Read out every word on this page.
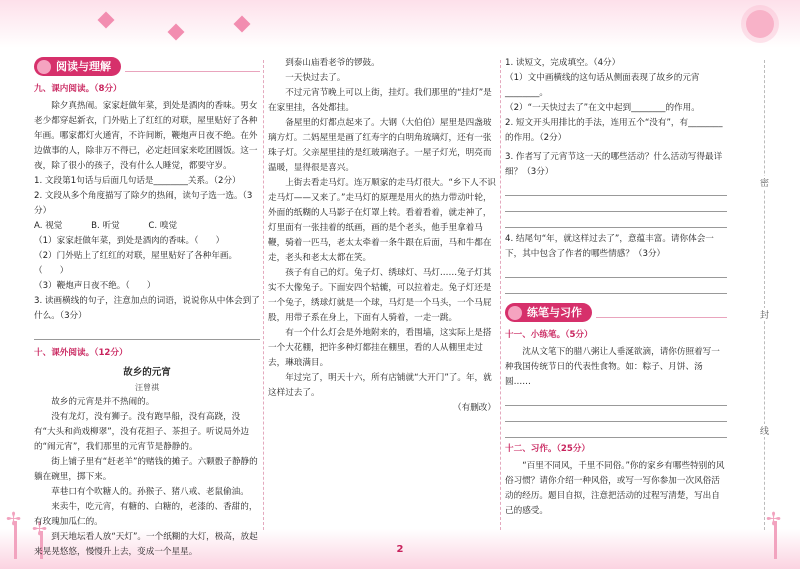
✢
✢
✢
阅读与理解
九、课内阅读。（8分）

除夕真热闹。家家赶做年菜，到处是酒肉的香味。男女老少都穿起新衣，门外贴上了红红的对联，屋里贴好了各种年画。哪家都灯火通宵，不许间断，鞭炮声日夜不绝。在外边做事的人，除非万不得已，必定赶回家来吃团圆饭。这一夜，除了很小的孩子，没有什么人睡觉，都要守岁。

1. 文段第1句话与后面几句话是________关系。（2分）
2. 文段从多个角度描写了除夕的热闹，读句子选一选。（3分）
A. 视觉	B. 听觉	C. 嗅觉
（1）家家赶做年菜，到处是酒肉的香味。（　　）
（2）门外贴上了红红的对联，屋里贴好了各种年画。（　　）
（3）鞭炮声日夜不绝。（　　）
3. 读画横线的句子，注意加点的词语，说说你从中体会到了什么。（3分）
十、课外阅读。（12分）
故乡的元宵
汪曾祺

故乡的元宵是并不热闹的。

没有龙灯，没有狮子。没有跑旱船，没有高跷，没有“大头和尚戏柳翠”，没有花担子、茶担子。听说局外边的“闹元宵”，我们那里的元宵节是静静的。

街上铺子里有“赶老羊”的赌钱的摊子。六颗骰子静静的躺在碗里，掷下来。

草巷口有个吹糖人的。孙猴子、猪八戒、老鼠偷油。

来卖牛，吃元宵，有糖的、白糖的，老漆的、香甜的，有玫瑰加瓜仁的。

到天地坛看人放“天灯”。一个纸糊的大灯，极高，放起来晃晃悠悠，慢慢升上去，变成一个星星。

到泰山庙看老爷的锣鼓。

一天快过去了。

不过元宵节晚上可以上街，挂灯。我们那里的“挂灯”是在家里挂，各处都挂。

备屋里的灯都点起来了。大钢（大伯伯）屋里是四盏玻璃方灯。二妈屋里是画了红寿字的白明角琉璃灯，还有一张珠子灯。父亲屋里挂的是红玻璃泡子。一屋子灯光，明亮而温暖，显得很是喜兴。

上街去看走马灯。连万顺家的走马灯很大。“乡下人不识走马灯——又来了。”走马灯的原理是用火的热力带动叶轮，外面的纸糊的人马影子在灯罩上转。看着看着，就走神了，灯里面有一张挂着的纸画，画的是个老头，他手里拿着马鞭，骑着一匹马，老太太牵着一条牛跟在后面，马和牛都在走，老头和老太太都在笑。

孩子有自己的灯。兔子灯、绣球灯、马灯……兔子灯其实不大像兔子。下面安四个轱辘，可以拉着走。兔子灯还是一个兔子，绣球灯就是一个球，马灯是一个马头，一个马屁股，用带子系在身上，下面有人骑着，一走一跳。

有一个什么灯会是外地附来的，看围墙，这实际上是搭一个大花棚，把许多种灯都挂在棚里，看的人从棚里走过去，琳琅满目。

年过完了，明天十六，所有店铺就“大开门”了。年，就这样过去了。

（有删改）
1. 读短文，完成填空。（4分）
（1）文中画横线的这句话从侧面表现了故乡的元宵________。
（2）“一天快过去了”在文中起到________的作用。
2. 短文开头用排比的手法，连用五个“没有”，有________的作用。（2分）
3. 作者写了元宵节这一天的哪些活动？什么活动写得最详细？（3分）
4. 结尾句“年，就这样过去了”，意蕴丰富。请你体会一下，其中包含了作者的哪些情感？（3分）
练笔与习作
十一、小练笔。（5分）

沈从文笔下的腊八粥让人垂涎欲滴，请你仿照着写一种我国传统节日的代表性食物。如：粽子、月饼、汤圆……

十二、习作。（25分）

“百里不同风，千里不同俗。”你的家乡有哪些特别的风俗习惯？请你介绍一种风俗，或写一写你参加一次风俗活动的经历。题目自拟，注意把活动的过程写清楚，写出自己的感受。

密
封
线
2
